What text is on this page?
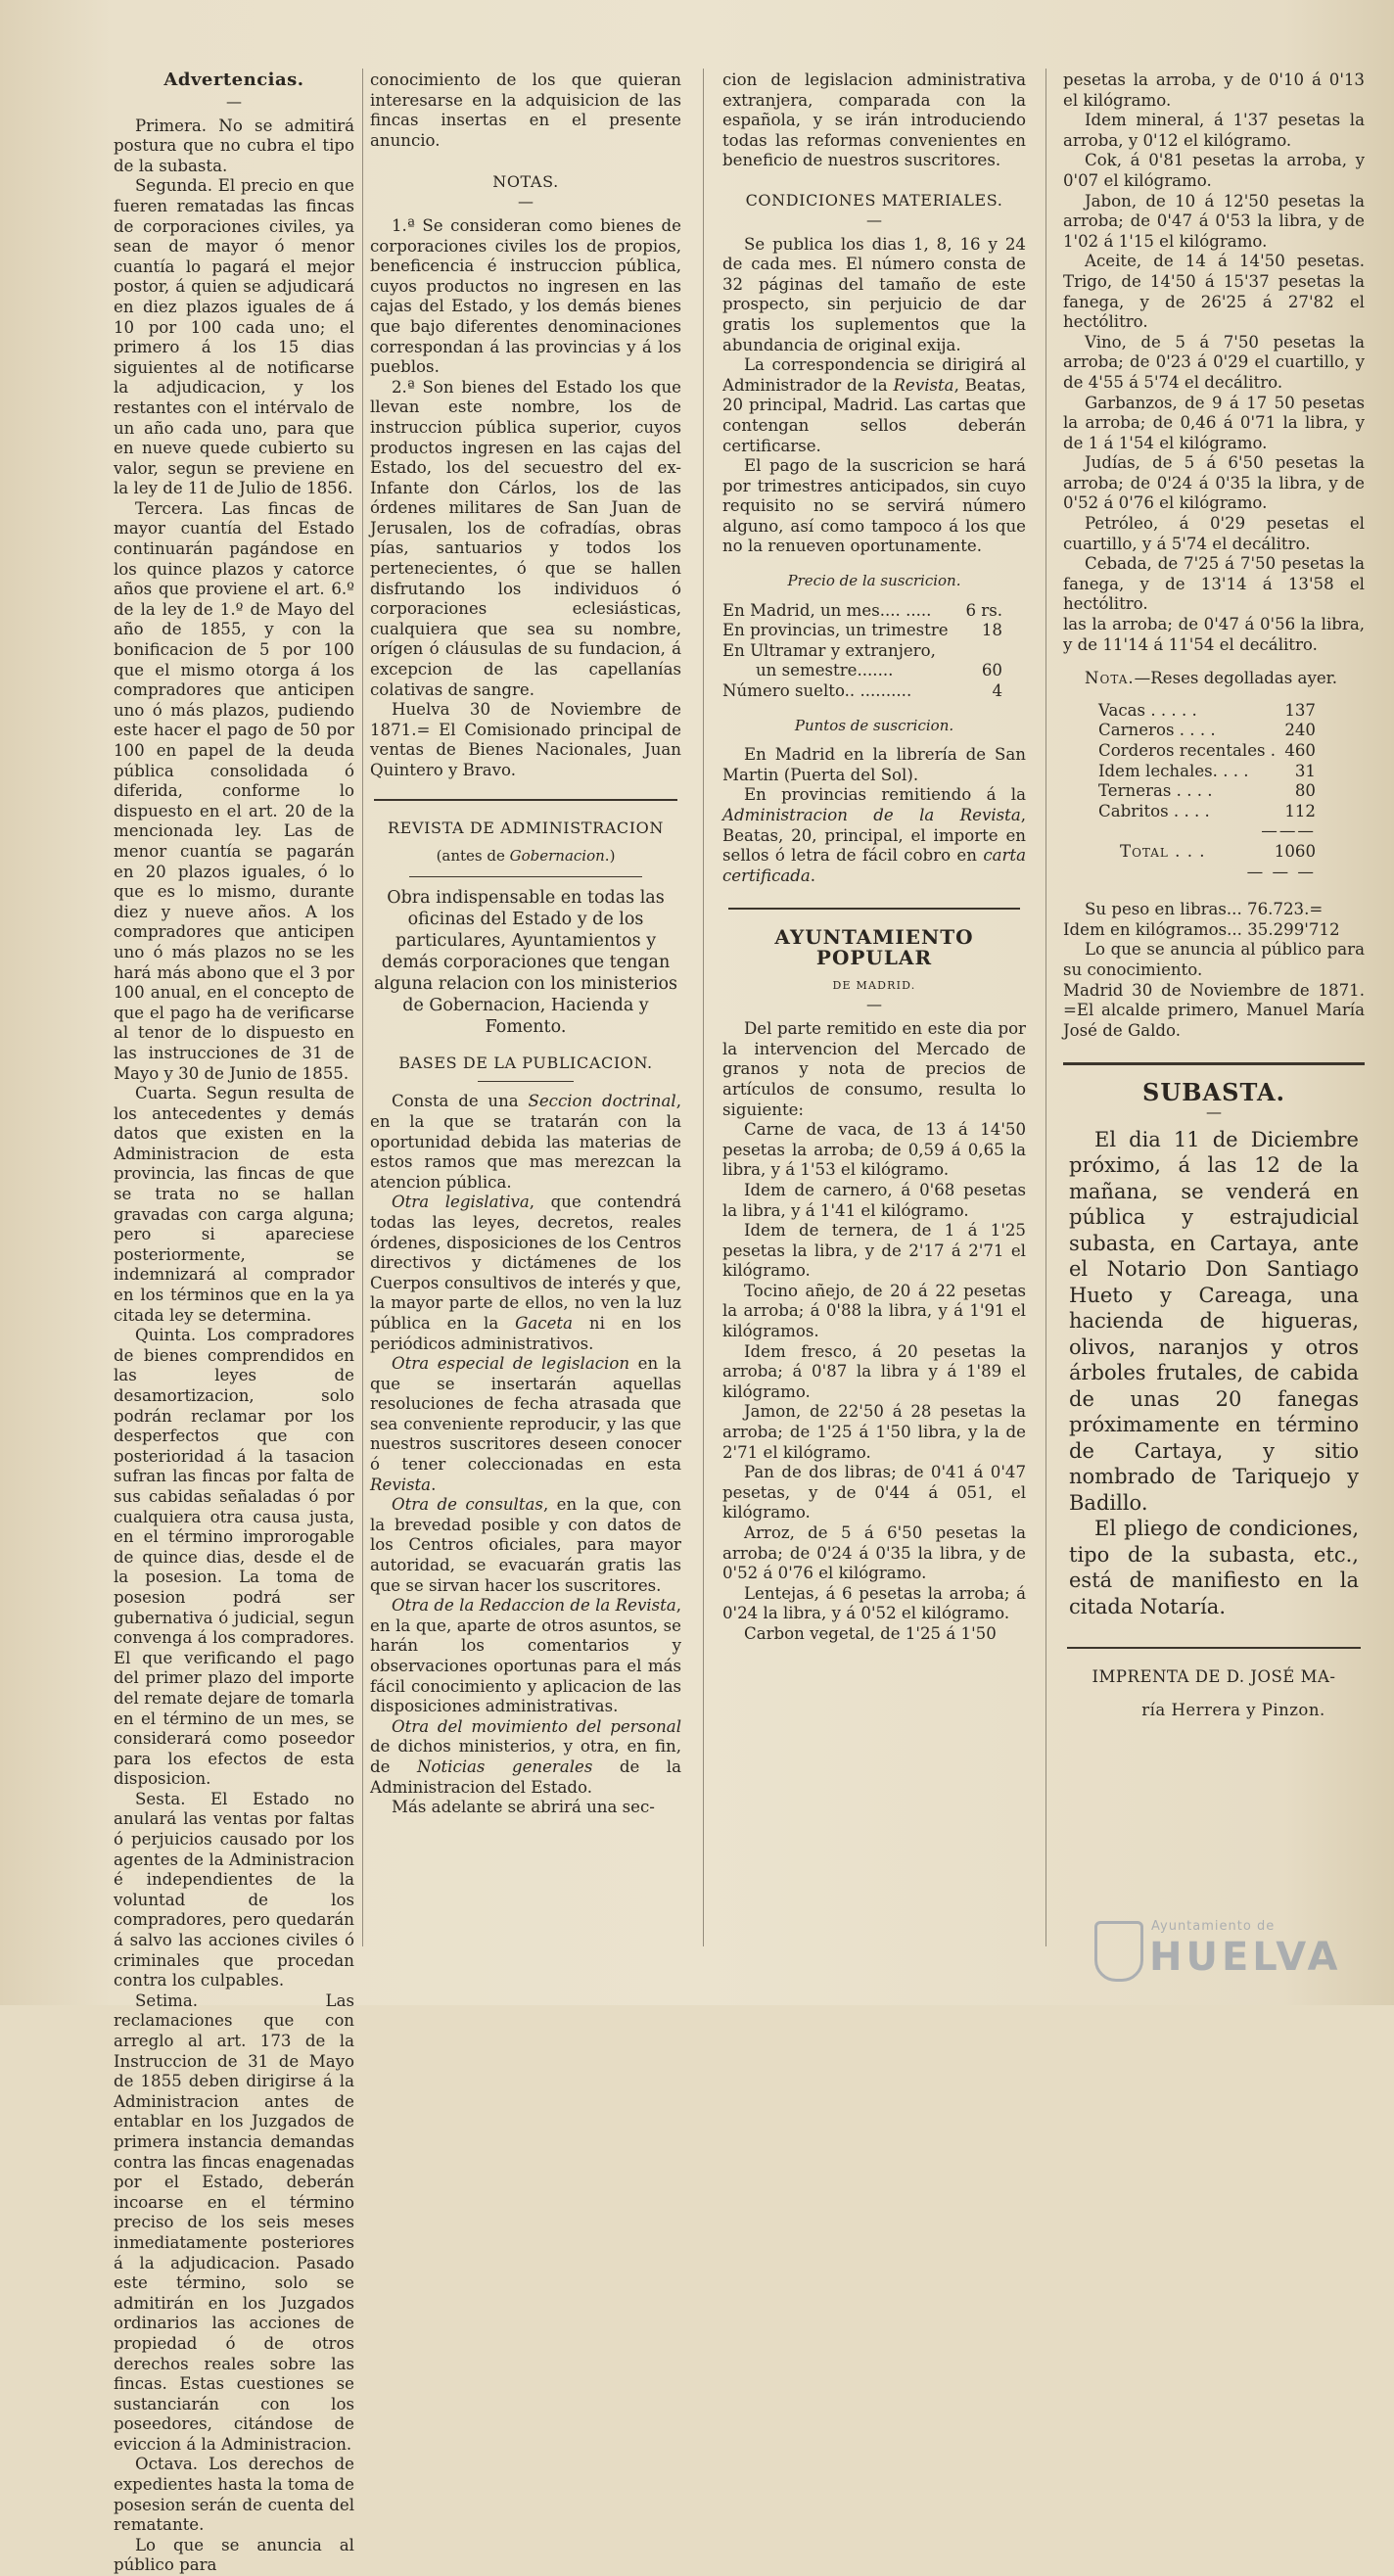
Advertencias.
—

Primera. No se admitirá postura que no cubra el tipo de la subasta.

Segunda. El precio en que fueren rematadas las fincas de corporaciones civiles, ya sean de mayor ó menor cuantía lo pagará el mejor postor, á quien se adjudicará en diez plazos iguales de á 10 por 100 cada uno; el primero á los 15 dias siguientes al de notificarse la adjudicacion, y los restantes con el intérvalo de un año cada uno, para que en nueve quede cubierto su valor, segun se previene en la ley de 11 de Julio de 1856.

Tercera. Las fincas de mayor cuantía del Estado continuarán pagándose en los quince plazos y catorce años que proviene el art. 6.º de la ley de 1.º de Mayo del año de 1855, y con la bonificacion de 5 por 100 que el mismo otorga á los compradores que anticipen uno ó más plazos, pudiendo este hacer el pago de 50 por 100 en papel de la deuda pública consolidada ó diferida, conforme lo dispuesto en el art. 20 de la mencionada ley. Las de menor cuantía se pagarán en 20 plazos iguales, ó lo que es lo mismo, durante diez y nueve años. A los compradores que anticipen uno ó más plazos no se les hará más abono que el 3 por 100 anual, en el concepto de que el pago ha de verificarse al tenor de lo dispuesto en las instrucciones de 31 de Mayo y 30 de Junio de 1855.

Cuarta. Segun resulta de los antecedentes y demás datos que existen en la Administracion de esta provincia, las fincas de que se trata no se hallan gravadas con carga alguna; pero si apareciese posteriormente, se indemnizará al comprador en los términos que en la ya citada ley se determina.

Quinta. Los compradores de bienes comprendidos en las leyes de desamortizacion, solo podrán reclamar por los desperfectos que con posterioridad á la tasacion sufran las fincas por falta de sus cabidas señaladas ó por cualquiera otra causa justa, en el término improrogable de quince dias, desde el de la posesion. La toma de posesion podrá ser gubernativa ó judicial, segun convenga á los compradores. El que verificando el pago del primer plazo del importe del remate dejare de tomarla en el término de un mes, se considerará como poseedor para los efectos de esta disposicion.

Sesta. El Estado no anulará las ventas por faltas ó perjuicios causado por los agentes de la Administracion é independientes de la voluntad de los compradores, pero quedarán á salvo las acciones civiles ó criminales que procedan contra los culpables.

Setima. Las reclamaciones que con arreglo al art. 173 de la Instruccion de 31 de Mayo de 1855 deben dirigirse á la Administracion antes de entablar en los Juzgados de primera instancia demandas contra las fincas enagenadas por el Estado, deberán incoarse en el término preciso de los seis meses inmediatamente posteriores á la adjudicacion. Pasado este término, solo se admitirán en los Juzgados ordinarios las acciones de propiedad ó de otros derechos reales sobre las fincas. Estas cuestiones se sustanciarán con los poseedores, citándose de eviccion á la Administracion.

Octava. Los derechos de expedientes hasta la toma de posesion serán de cuenta del rematante.

Lo que se anuncia al público para

conocimiento de los que quieran interesarse en la adquisicion de las fincas insertas en el presente anuncio.

NOTAS.
—

1.ª Se consideran como bienes de corporaciones civiles los de propios, beneficencia é instruccion pública, cuyos productos no ingresen en las cajas del Estado, y los demás bienes que bajo diferentes denominaciones correspondan á las provincias y á los pueblos.

2.ª Son bienes del Estado los que llevan este nombre, los de instruccion pública superior, cuyos productos ingresen en las cajas del Estado, los del secuestro del ex-Infante don Cárlos, los de las órdenes militares de San Juan de Jerusalen, los de cofradías, obras pías, santuarios y todos los pertenecientes, ó que se hallen disfrutando los individuos ó corporaciones eclesiásticas, cualquiera que sea su nombre, orígen ó cláusulas de su fundacion, á excepcion de las capellanías colativas de sangre.

Huelva 30 de Noviembre de 1871.= El Comisionado principal de ventas de Bienes Nacionales, Juan Quintero y Bravo.

REVISTA DE ADMINISTRACION
(antes de Gobernacion.)

Obra indispensable en todas las oficinas del Estado y de los particulares, Ayuntamientos y demás corporaciones que tengan alguna relacion con los ministerios de Gobernacion, Hacienda y Fomento.

BASES DE LA PUBLICACION.

Consta de una Seccion doctrinal, en la que se tratarán con la oportunidad debida las materias de estos ramos que mas merezcan la atencion pública.

Otra legislativa, que contendrá todas las leyes, decretos, reales órdenes, disposiciones de los Centros directivos y dictámenes de los Cuerpos consultivos de interés y que, la mayor parte de ellos, no ven la luz pública en la Gaceta ni en los periódicos administrativos.

Otra especial de legislacion en la que se insertarán aquellas resoluciones de fecha atrasada que sea conveniente reproducir, y las que nuestros suscritores deseen conocer ó tener coleccionadas en esta Revista.

Otra de consultas, en la que, con la brevedad posible y con datos de los Centros oficiales, para mayor autoridad, se evacuarán gratis las que se sirvan hacer los suscritores.

Otra de la Redaccion de la Revista, en la que, aparte de otros asuntos, se harán los comentarios y observaciones oportunas para el más fácil conocimiento y aplicacion de las disposiciones administrativas.

Otra del movimiento del personal de dichos ministerios, y otra, en fin, de Noticias generales de la Administracion del Estado.

Más adelante se abrirá una sec-

cion de legislacion administrativa extranjera, comparada con la española, y se irán introduciendo todas las reformas convenientes en beneficio de nuestros suscritores.

CONDICIONES MATERIALES.
—

Se publica los dias 1, 8, 16 y 24 de cada mes. El número consta de 32 páginas del tamaño de este prospecto, sin perjuicio de dar gratis los suplementos que la abundancia de original exija.

La correspondencia se dirigirá al Administrador de la Revista, Beatas, 20 principal, Madrid. Las cartas que contengan sellos deberán certificarse.

El pago de la suscricion se hará por trimestres anticipados, sin cuyo requisito no se servirá número alguno, así como tampoco á los que no la renueven oportunamente.

Precio de la suscricion.
En Madrid, un mes.... ..... 6 rs.
En provincias, un trimestre 18
En Ultramar y extranjero,
un semestre.......	60
Número suelto.. ..........	4
Puntos de suscricion.

En Madrid en la librería de San Martin (Puerta del Sol).

En provincias remitiendo á la Administracion de la Revista, Beatas, 20, principal, el importe en sellos ó letra de fácil cobro en carta certificada.

AYUNTAMIENTO POPULAR
DE MADRID.
—

Del parte remitido en este dia por la intervencion del Mercado de granos y nota de precios de artículos de consumo, resulta lo siguiente:

Carne de vaca, de 13 á 14'50 pesetas la arroba; de 0,59 á 0,65 la libra, y á 1'53 el kilógramo.

Idem de carnero, á 0'68 pesetas la libra, y á 1'41 el kilógramo.

Idem de ternera, de 1 á 1'25 pesetas la libra, y de 2'17 á 2'71 el kilógramo.

Tocino añejo, de 20 á 22 pesetas la arroba; á 0'88 la libra, y á 1'91 el kilógramos.

Idem fresco, á 20 pesetas la arroba; á 0'87 la libra y á 1'89 el kilógramo.

Jamon, de 22'50 á 28 pesetas la arroba; de 1'25 á 1'50 libra, y la de 2'71 el kilógramo.

Pan de dos libras; de 0'41 á 0'47 pesetas, y de 0'44 á 051, el kilógramo.

Arroz, de 5 á 6'50 pesetas la arroba; de 0'24 á 0'35 la libra, y de 0'52 á 0'76 el kilógramo.

Lentejas, á 6 pesetas la arroba; á 0'24 la libra, y á 0'52 el kilógramo.

Carbon vegetal, de 1'25 á 1'50

pesetas la arroba, y de 0'10 á 0'13 el kilógramo.

Idem mineral, á 1'37 pesetas la arroba, y 0'12 el kilógramo.

Cok, á 0'81 pesetas la arroba, y 0'07 el kilógramo.

Jabon, de 10 á 12'50 pesetas la arroba; de 0'47 á 0'53 la libra, y de 1'02 á 1'15 el kilógramo.

Aceite, de 14 á 14'50 pesetas. Trigo, de 14'50 á 15'37 pesetas la fanega, y de 26'25 á 27'82 el hectólitro.

Vino, de 5 á 7'50 pesetas la arroba; de 0'23 á 0'29 el cuartillo, y de 4'55 á 5'74 el decálitro.

Garbanzos, de 9 á 17 50 pesetas la arroba; de 0,46 á 0'71 la libra, y de 1 á 1'54 el kilógramo.

Judías, de 5 á 6'50 pesetas la arroba; de 0'24 á 0'35 la libra, y de 0'52 á 0'76 el kilógramo.

Petróleo, á 0'29 pesetas el cuartillo, y á 5'74 el decálitro.

Cebada, de 7'25 á 7'50 pesetas la fanega, y de 13'14 á 13'58 el hectólitro.

las la arroba; de 0'47 á 0'56 la libra, y de 11'14 á 11'54 el decálitro.

Nota.—Reses degolladas ayer.

Vacas . . . . .	137
Carneros . . . .	240
Corderos recentales . 460
Idem lechales. . . .	31
Terneras . . . .	80
Cabritos . . . .	112
———
Total . . .	1060
— — —

Su peso en libras... 76.723.=

Idem en kilógramos... 35.299'712

Lo que se anuncia al público para su conocimiento.

Madrid 30 de Noviembre de 1871. =El alcalde primero, Manuel María José de Galdo.

SUBASTA.
—

El dia 11 de Diciembre próximo, á las 12 de la mañana, se venderá en pública y estrajudicial subasta, en Cartaya, ante el Notario Don Santiago Hueto y Careaga, una hacienda de higueras, olivos, naranjos y otros árboles frutales, de cabida de unas 20 fanegas próximamente en término de Cartaya, y sitio nombrado de Tariquejo y Badillo.

El pliego de condiciones, tipo de la subasta, etc., está de manifiesto en la citada Notaría.

IMPRENTA DE D. JOSÉ MA-
ría Herrera y Pinzon.
Ayuntamiento de
HUELVA
